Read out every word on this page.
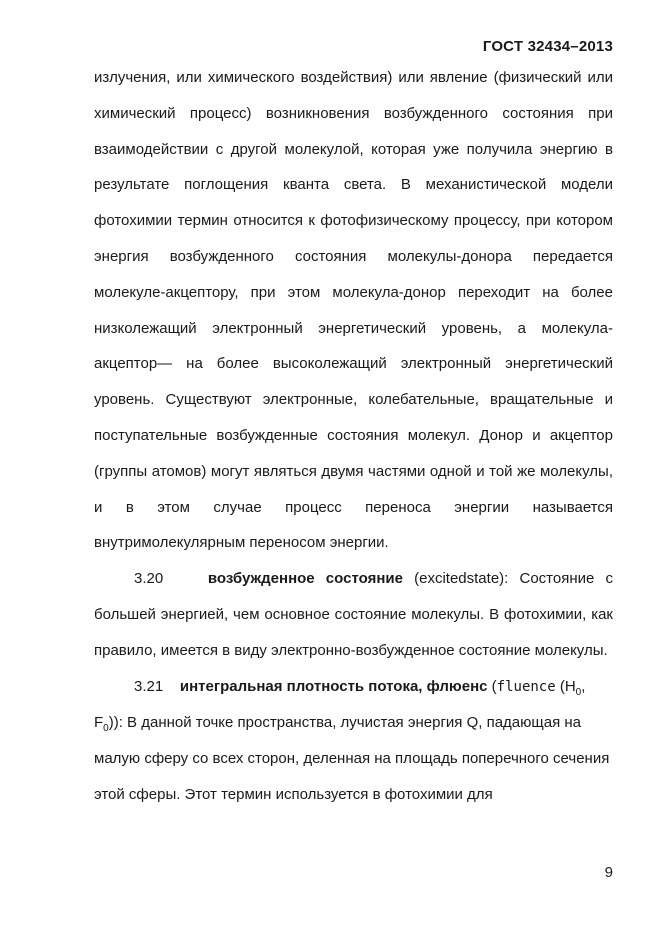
ГОСТ 32434–2013

излучения, или химического воздействия) или явление (физический или химический процесс) возникновения возбужденного состояния при взаимодействии с другой молекулой, которая уже получила энергию в результате поглощения кванта света. В механистической модели фотохимии термин относится к фотофизическому процессу, при котором энергия возбужденного состояния молекулы-донора передается молекуле-акцептору, при этом молекула-донор переходит на более низколежащий электронный энергетический уровень, а молекула-акцептор— на более высоколежащий электронный энергетический уровень. Существуют электронные, колебательные, вращательные и поступательные возбужденные состояния молекул. Донор и акцептор (группы атомов) могут являться двумя частями одной и той же молекулы, и в этом случае процесс переноса энергии называется внутримолекулярным переносом энергии.

3.20	возбужденное состояние (excitedstate): Состояние с большей энергией, чем основное состояние молекулы. В фотохимии, как правило, имеется в виду электронно-возбужденное состояние молекулы.

3.21 интегральная плотность потока, флюенс (fluence ($H_0$, $F_0$)): В данной точке пространства, лучистая энергия Q, падающая на малую сферу со всех сторон, деленная на площадь поперечного сечения этой сферы. Этот термин используется в фотохимии для

9
